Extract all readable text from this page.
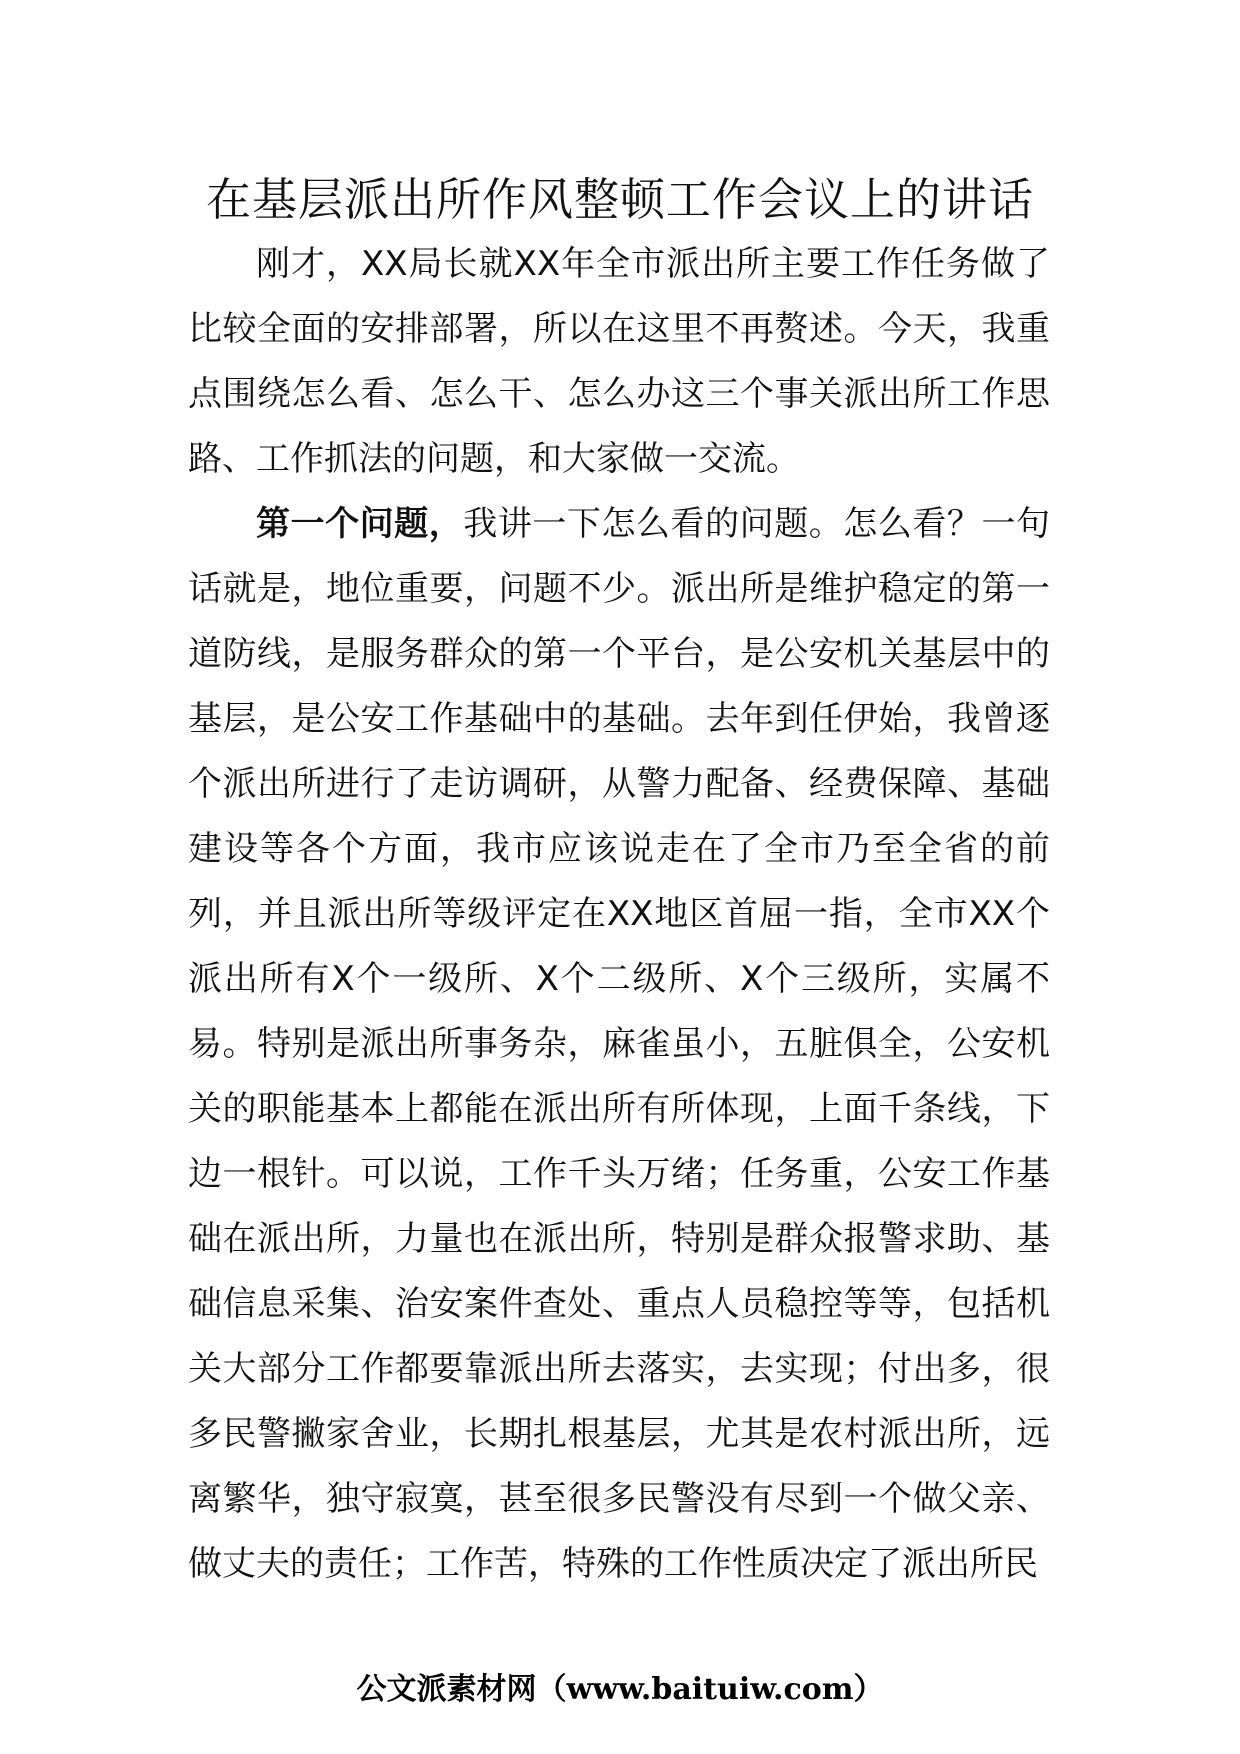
在基层派出所作风整顿工作会议上的讲话

刚才，XX局长就XX年全市派出所主要工作任务做了比较全面的安排部署，所以在这里不再赘述。今天，我重点围绕怎么看、怎么干、怎么办这三个事关派出所工作思路、工作抓法的问题，和大家做一交流。

第一个问题，我讲一下怎么看的问题。怎么看？一句话就是，地位重要，问题不少。派出所是维护稳定的第一道防线，是服务群众的第一个平台，是公安机关基层中的基层，是公安工作基础中的基础。去年到任伊始，我曾逐个派出所进行了走访调研，从警力配备、经费保障、基础建设等各个方面，我市应该说走在了全市乃至全省的前列，并且派出所等级评定在XX地区首屈一指，全市XX个派出所有X个一级所、X个二级所、X个三级所，实属不易。特别是派出所事务杂，麻雀虽小，五脏俱全，公安机关的职能基本上都能在派出所有所体现，上面千条线，下边一根针。可以说，工作千头万绪；任务重，公安工作基础在派出所，力量也在派出所，特别是群众报警求助、基础信息采集、治安案件查处、重点人员稳控等等，包括机关大部分工作都要靠派出所去落实，去实现；付出多，很多民警撇家舍业，长期扎根基层，尤其是农村派出所，远离繁华，独守寂寞，甚至很多民警没有尽到一个做父亲、做丈夫的责任；工作苦，特殊的工作性质决定了派出所民

公文派素材网（www.baituiw.com）
